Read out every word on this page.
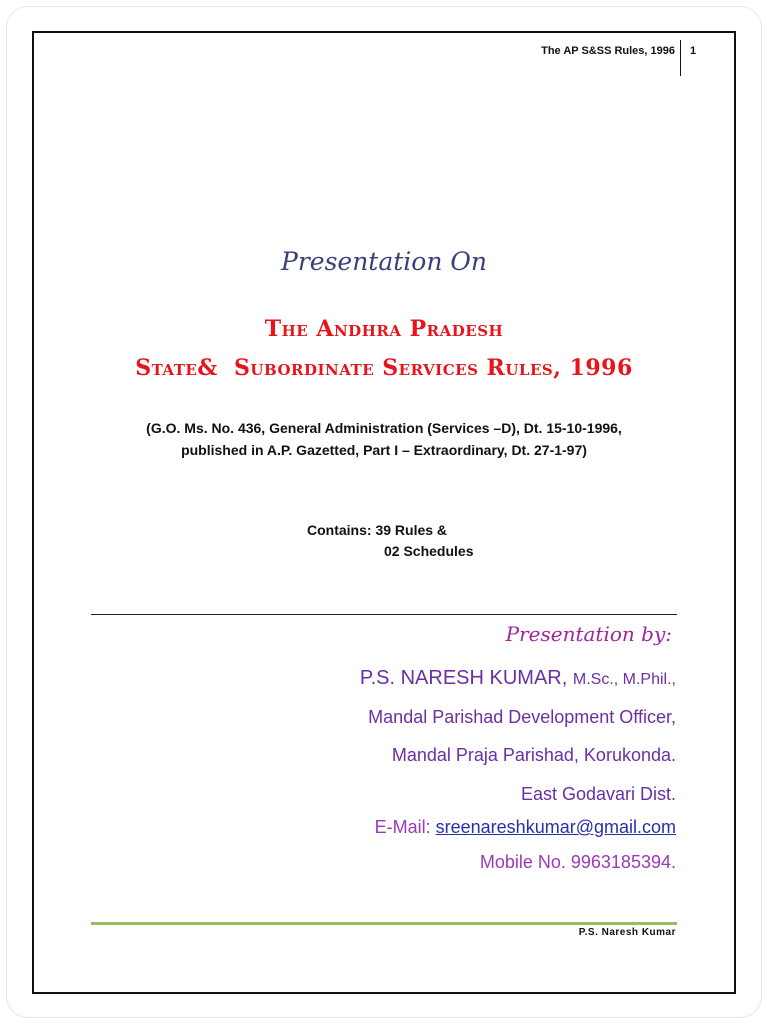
The AP S&SS Rules, 1996 1
Presentation On
The Andhra Pradesh
State&  Subordinate Services Rules, 1996
(G.O. Ms. No. 436, General Administration (Services –D), Dt. 15-10-1996,
published in A.P. Gazetted, Part I – Extraordinary, Dt. 27-1-97)
Contains: 39 Rules &
02 Schedules
Presentation by:
P.S. NARESH KUMAR, M.Sc., M.Phil.,
Mandal Parishad Development Officer,
Mandal Praja Parishad, Korukonda.
East Godavari Dist.
E-Mail: sreenareshkumar@gmail.com
Mobile No. 9963185394.
P.S. Naresh Kumar
